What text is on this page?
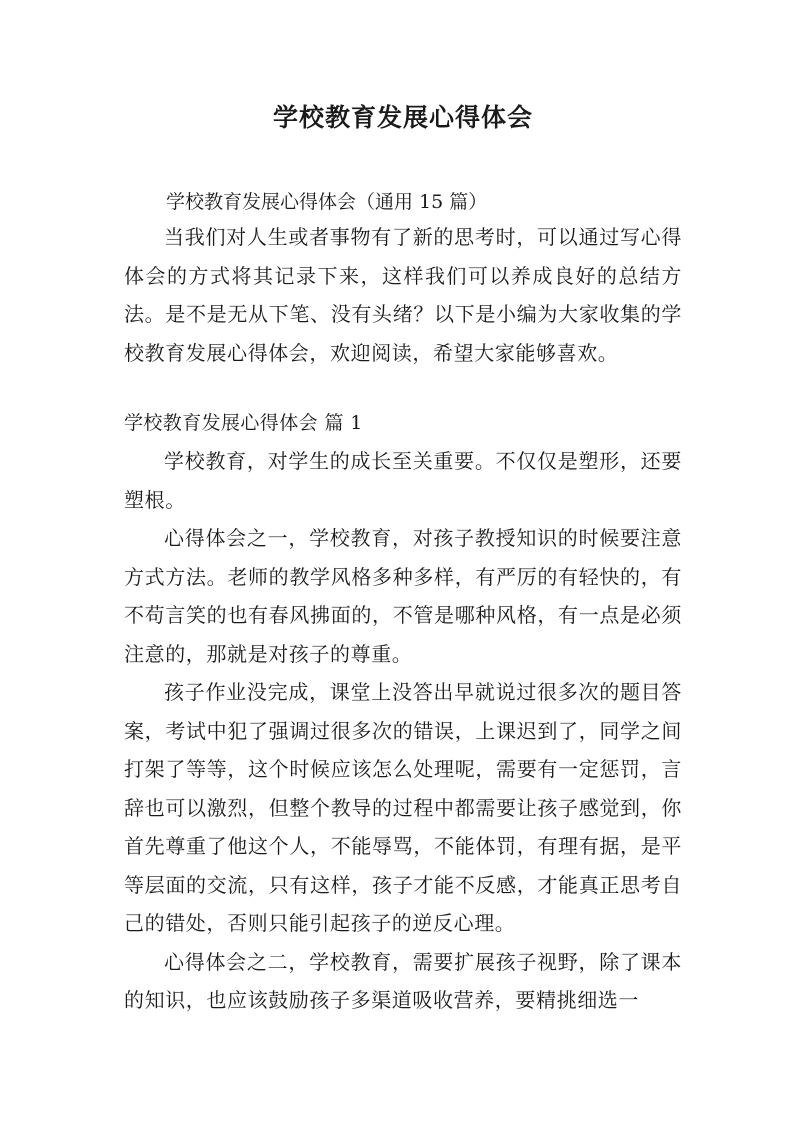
学校教育发展心得体会

学校教育发展心得体会（通用 15 篇）

当我们对人生或者事物有了新的思考时，可以通过写心得体会的方式将其记录下来，这样我们可以养成良好的总结方法。是不是无从下笔、没有头绪？以下是小编为大家收集的学校教育发展心得体会，欢迎阅读，希望大家能够喜欢。

学校教育发展心得体会 篇 1

学校教育，对学生的成长至关重要。不仅仅是塑形，还要塑根。

心得体会之一，学校教育，对孩子教授知识的时候要注意方式方法。老师的教学风格多种多样，有严厉的有轻快的，有不苟言笑的也有春风拂面的，不管是哪种风格，有一点是必须注意的，那就是对孩子的尊重。

孩子作业没完成，课堂上没答出早就说过很多次的题目答案，考试中犯了强调过很多次的错误，上课迟到了，同学之间打架了等等，这个时候应该怎么处理呢，需要有一定惩罚，言辞也可以激烈，但整个教导的过程中都需要让孩子感觉到，你首先尊重了他这个人，不能辱骂，不能体罚，有理有据，是平等层面的交流，只有这样，孩子才能不反感，才能真正思考自己的错处，否则只能引起孩子的逆反心理。

心得体会之二，学校教育，需要扩展孩子视野，除了课本的知识，也应该鼓励孩子多渠道吸收营养，要精挑细选一
